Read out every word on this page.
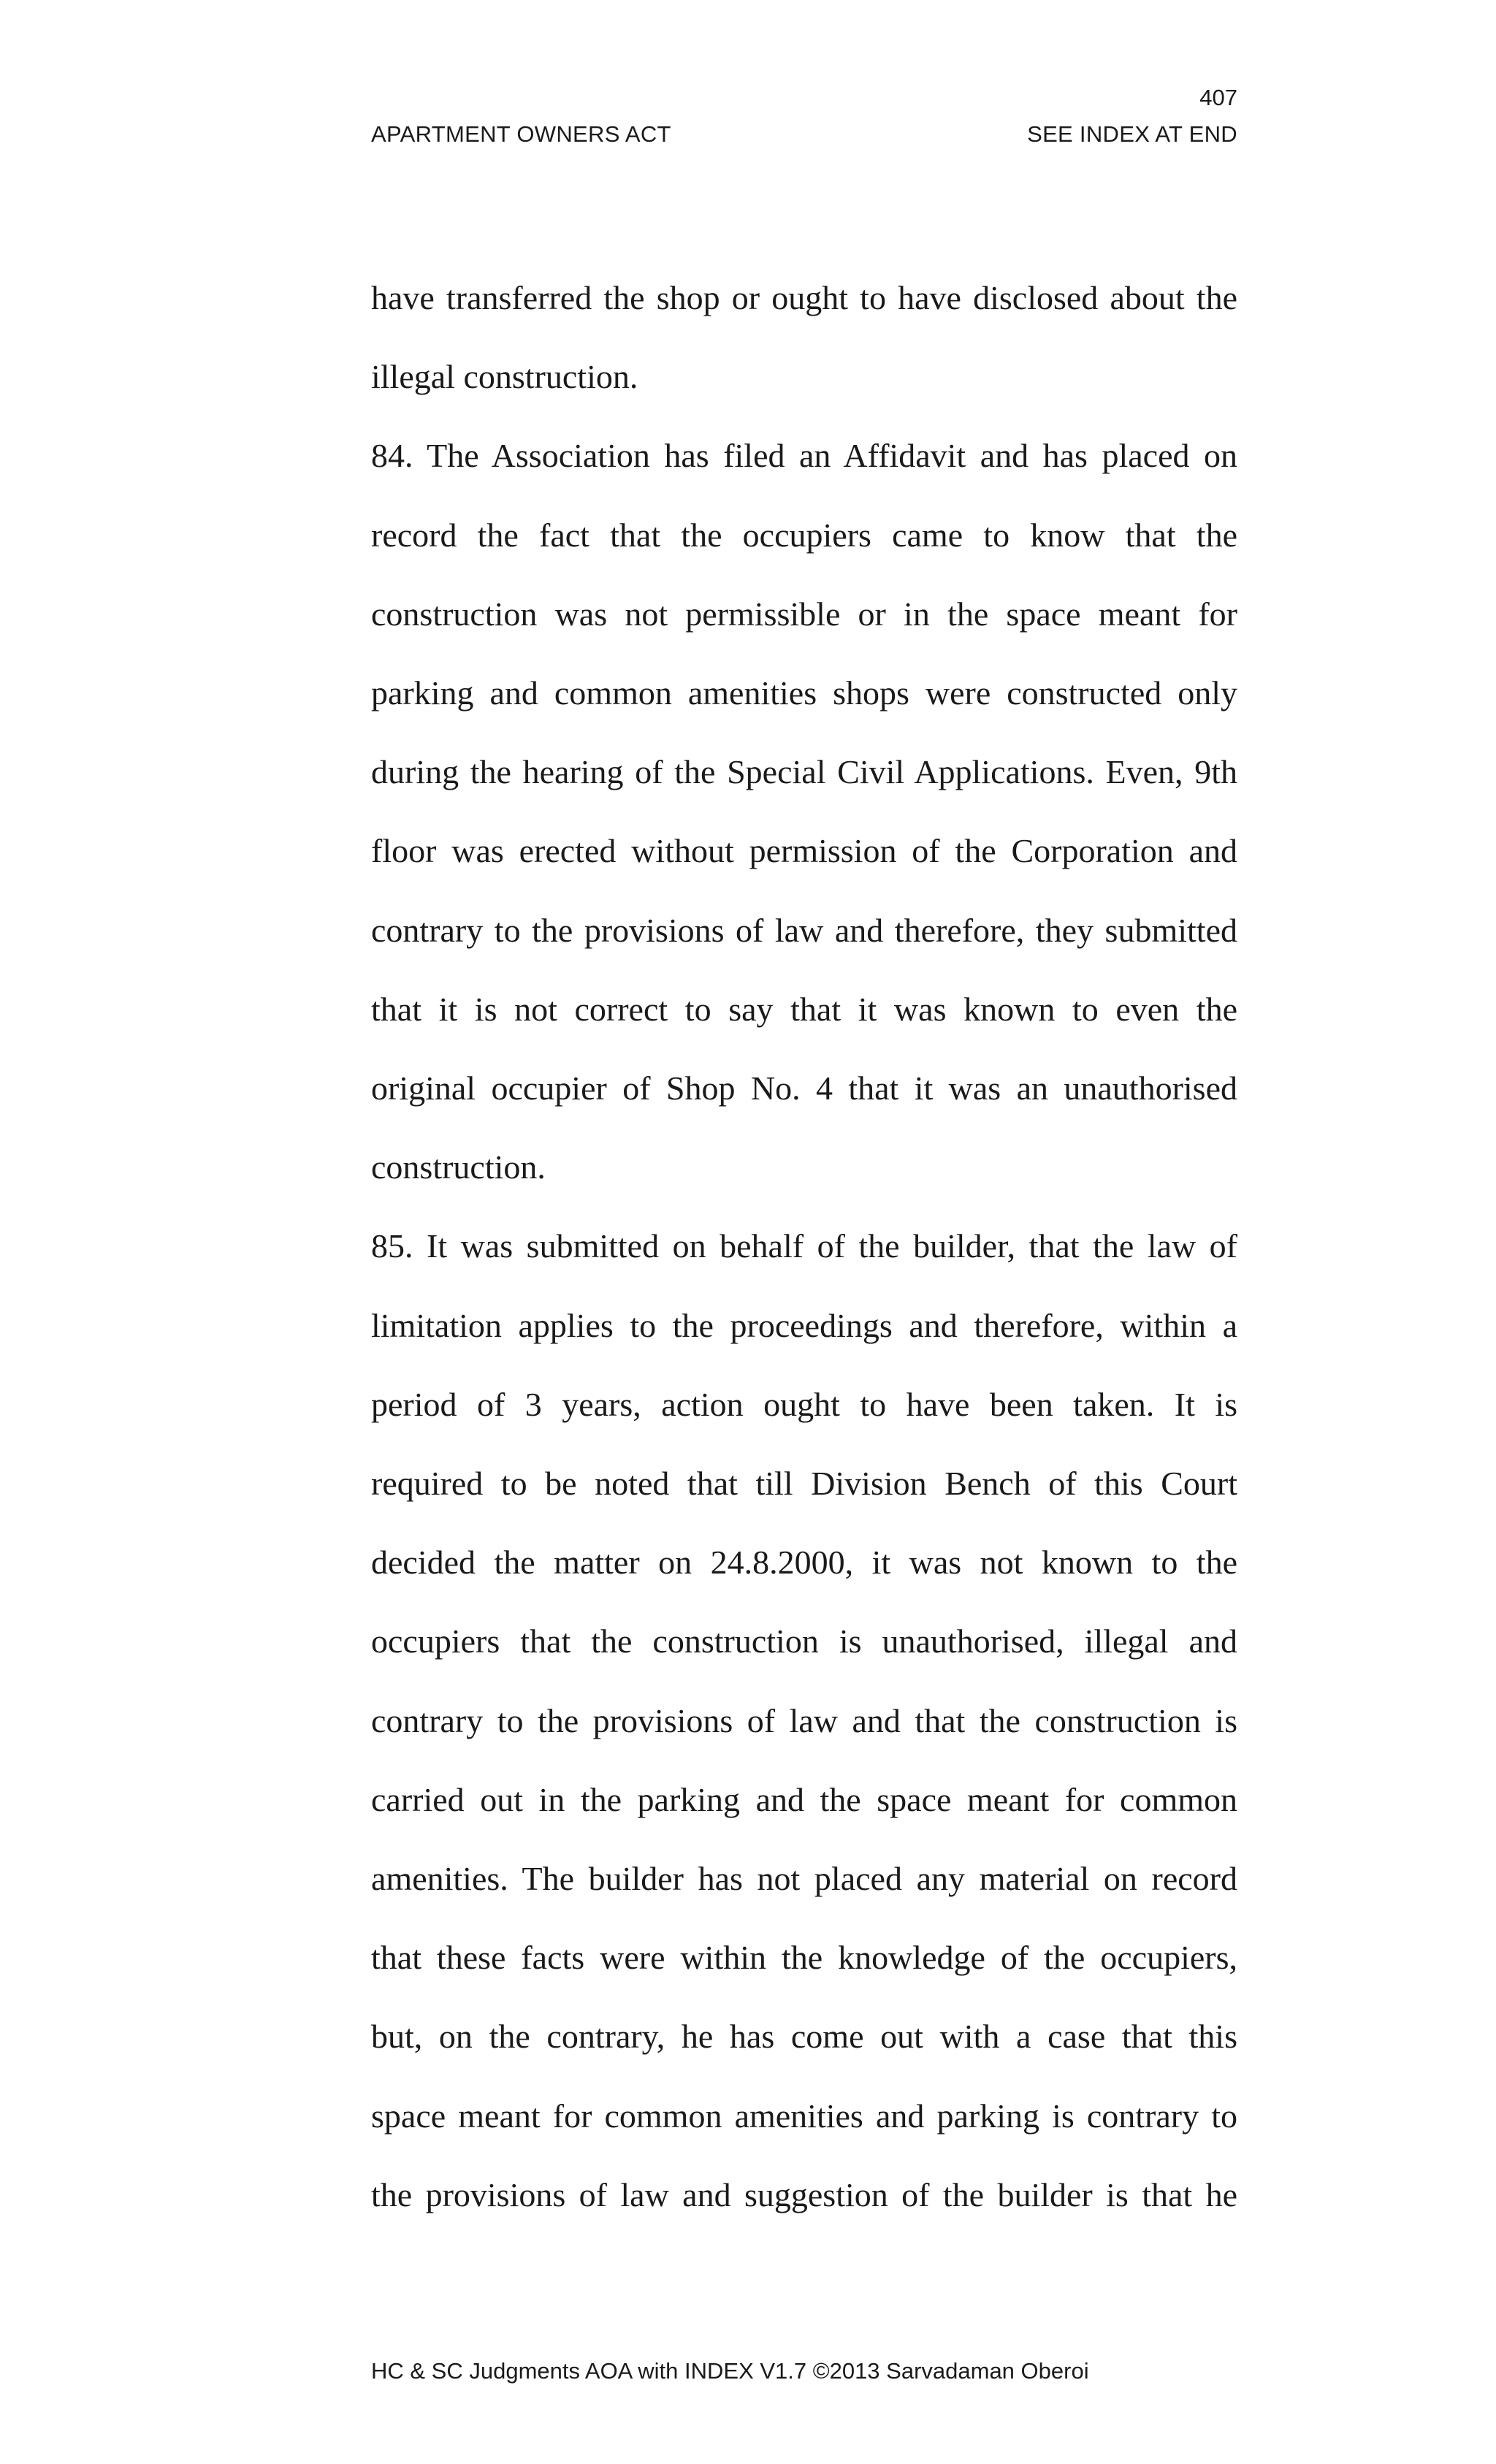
407
APARTMENT OWNERS ACT	SEE INDEX AT END
have transferred the shop or ought to have disclosed about the
illegal construction.
84. The Association has filed an Affidavit and has placed on
record the fact that the occupiers came to know that the
construction was not permissible or in the space meant for
parking and common amenities shops were constructed only
during the hearing of the Special Civil Applications. Even, 9th
floor was erected without permission of the Corporation and
contrary to the provisions of law and therefore, they submitted
that it is not correct to say that it was known to even the
original occupier of Shop No. 4 that it was an unauthorised
construction.
85. It was submitted on behalf of the builder, that the law of
limitation applies to the proceedings and therefore, within a
period of 3 years, action ought to have been taken. It is
required to be noted that till Division Bench of this Court
decided the matter on 24.8.2000, it was not known to the
occupiers that the construction is unauthorised, illegal and
contrary to the provisions of law and that the construction is
carried out in the parking and the space meant for common
amenities. The builder has not placed any material on record
that these facts were within the knowledge of the occupiers,
but, on the contrary, he has come out with a case that this
space meant for common amenities and parking is contrary to
the provisions of law and suggestion of the builder is that he
HC & SC Judgments AOA with INDEX V1.7 ©2013 Sarvadaman Oberoi
